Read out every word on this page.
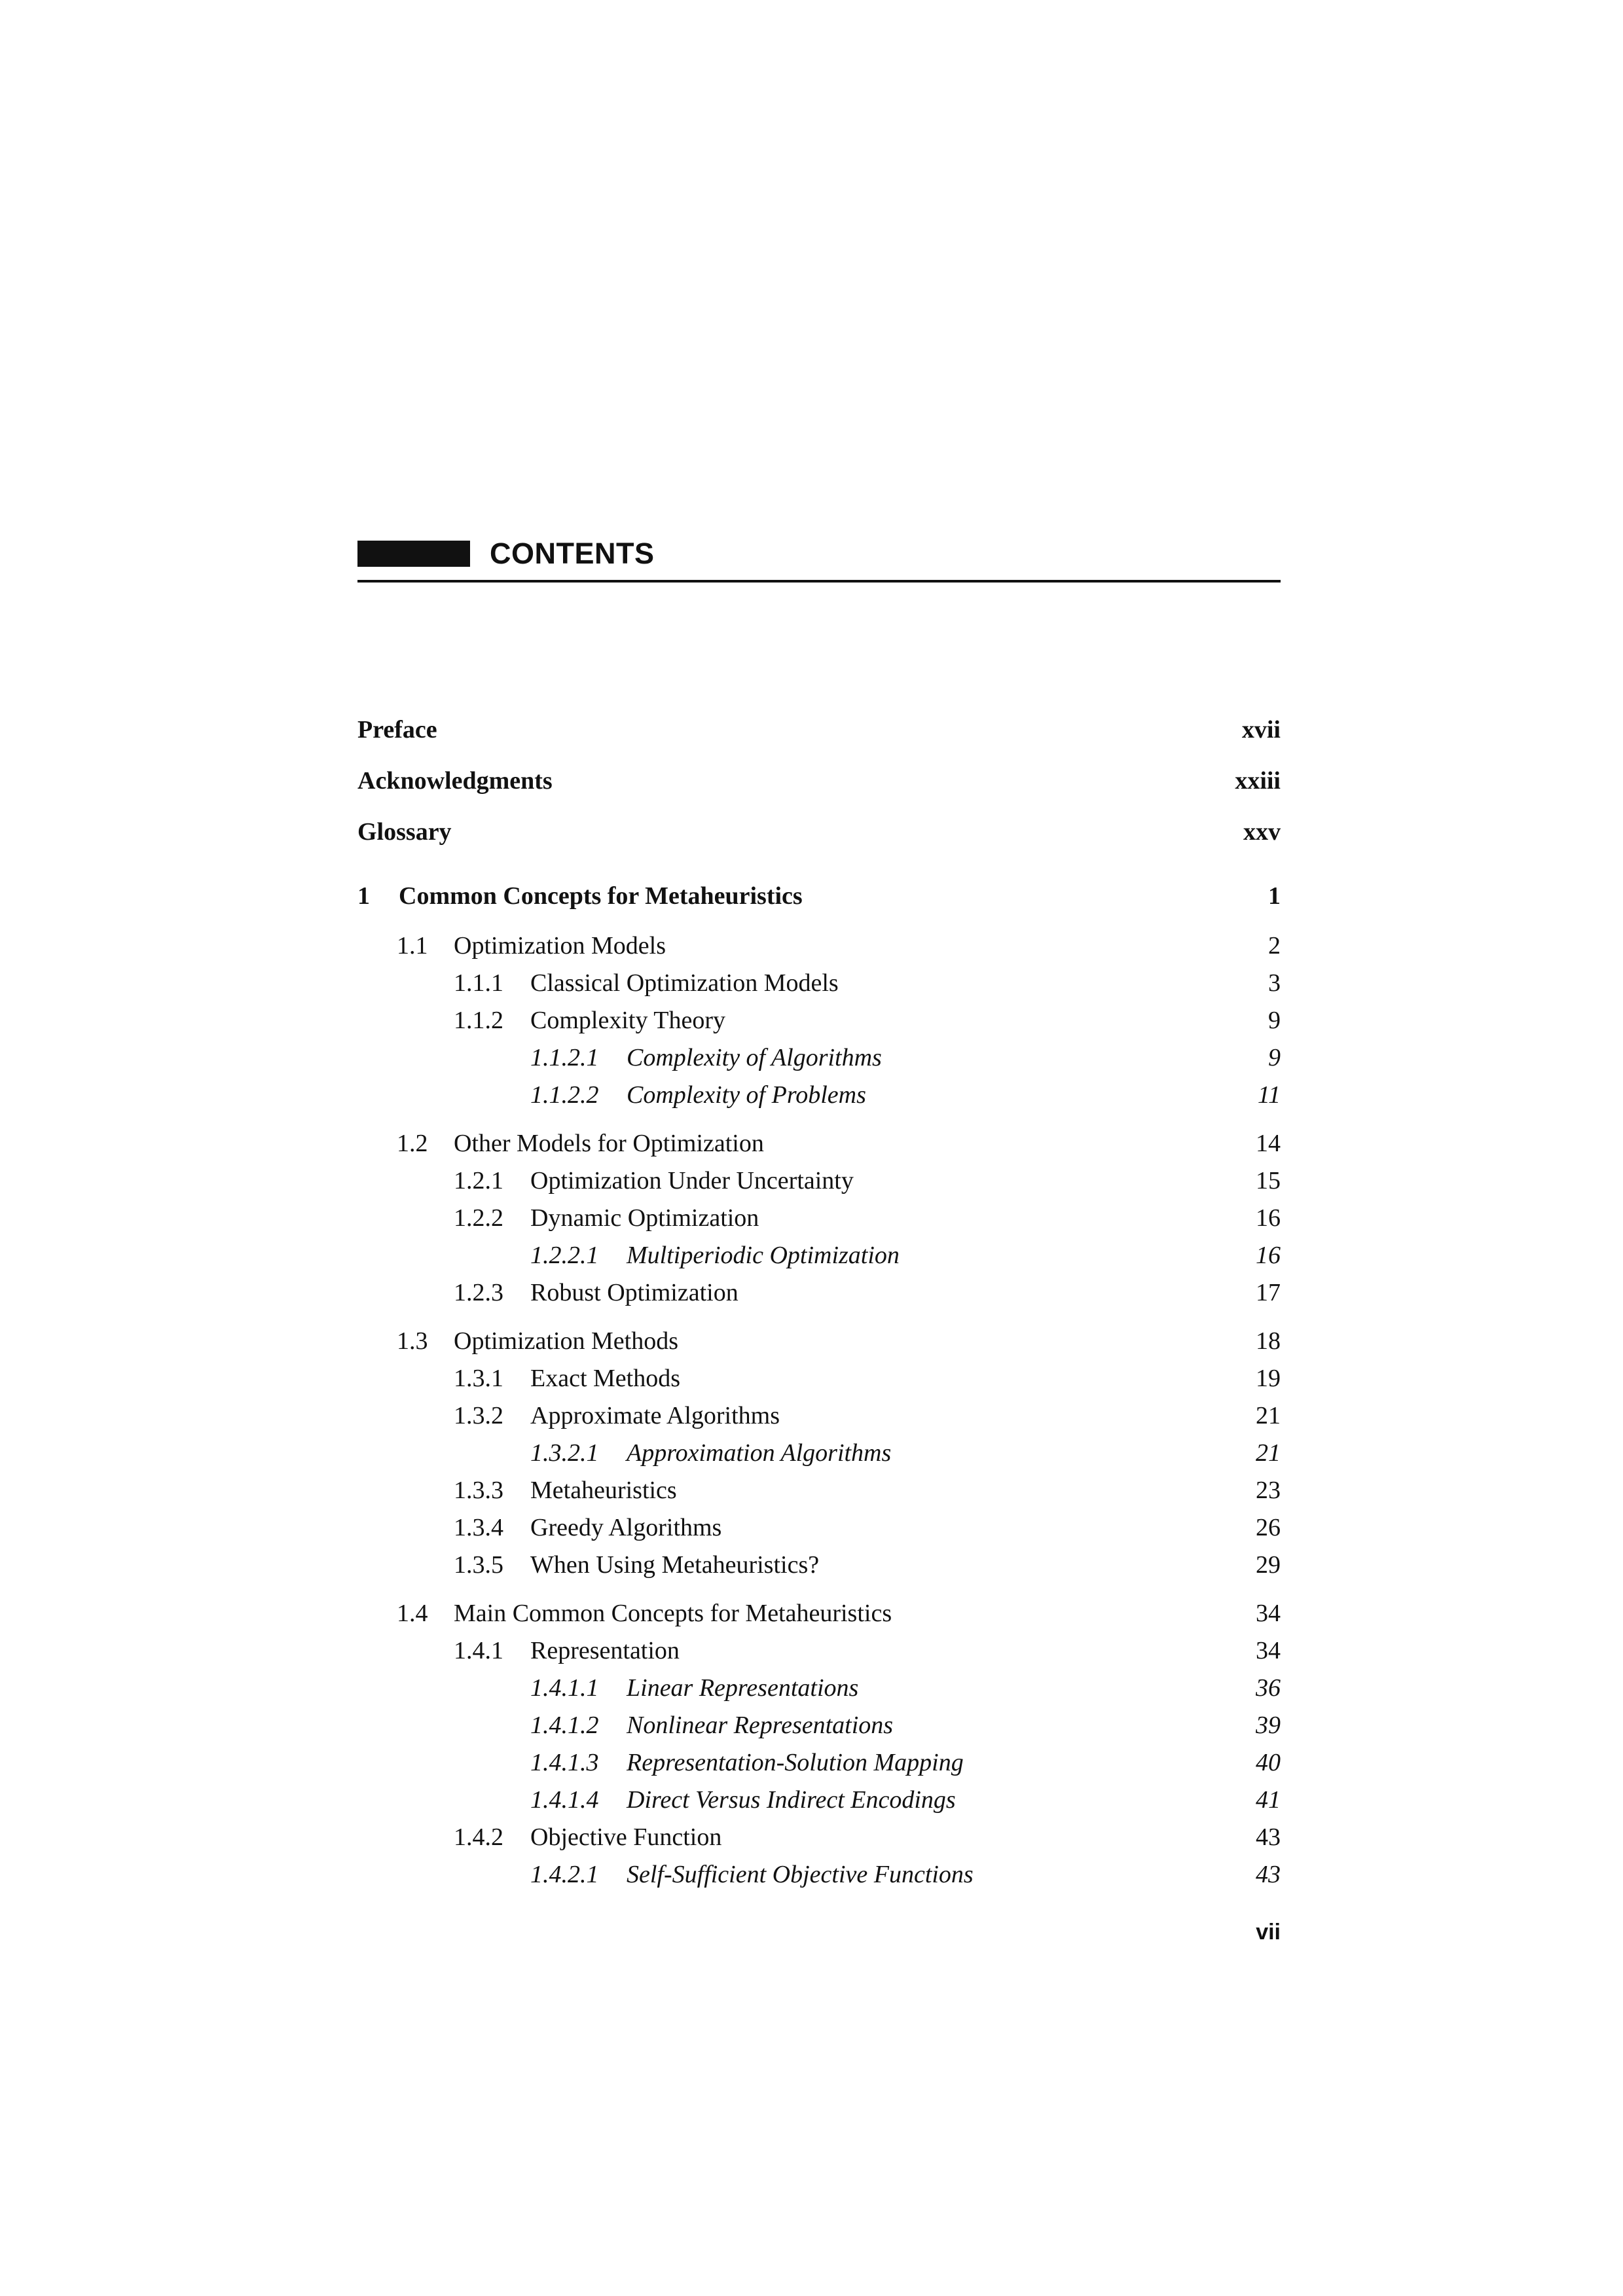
CONTENTS
Preface	xvii
Acknowledgments	xxiii
Glossary	xxv
1 Common Concepts for Metaheuristics	1
1.1 Optimization Models	2
1.1.1 Classical Optimization Models	3
1.1.2 Complexity Theory	9
1.1.2.1 Complexity of Algorithms	9
1.1.2.2 Complexity of Problems	11
1.2 Other Models for Optimization	14
1.2.1 Optimization Under Uncertainty	15
1.2.2 Dynamic Optimization	16
1.2.2.1 Multiperiodic Optimization	16
1.2.3 Robust Optimization	17
1.3 Optimization Methods	18
1.3.1 Exact Methods	19
1.3.2 Approximate Algorithms	21
1.3.2.1 Approximation Algorithms	21
1.3.3 Metaheuristics	23
1.3.4 Greedy Algorithms	26
1.3.5 When Using Metaheuristics?	29
1.4 Main Common Concepts for Metaheuristics	34
1.4.1 Representation	34
1.4.1.1 Linear Representations	36
1.4.1.2 Nonlinear Representations	39
1.4.1.3 Representation-Solution Mapping	40
1.4.1.4 Direct Versus Indirect Encodings	41
1.4.2 Objective Function	43
1.4.2.1 Self-Sufficient Objective Functions	43
vii
